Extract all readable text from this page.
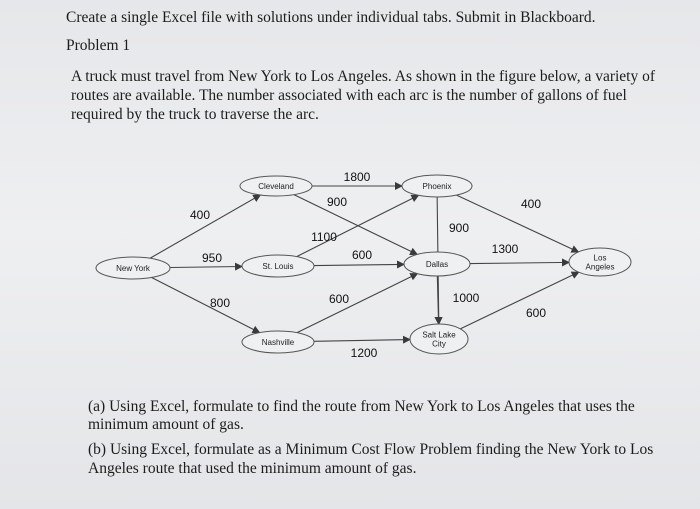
Create a single Excel file with solutions under individual tabs. Submit in Blackboard.
Problem 1
A truck must travel from New York to Los Angeles. As shown in the figure below, a variety of
routes are available. The number associated with each arc is the number of gallons of fuel
required by the truck to traverse the arc.
New York
Cleveland
St. Louis
Nashville
Phoenix
Dallas
Salt Lake
City
Los
Angeles
400
950
800
1800
900
1100
600
600
1200
400
1300
600
900
1000
(a) Using Excel, formulate to find the route from New York to Los Angeles that uses the
minimum amount of gas.
(b) Using Excel, formulate as a Minimum Cost Flow Problem finding the New York to Los
Angeles route that used the minimum amount of gas.
